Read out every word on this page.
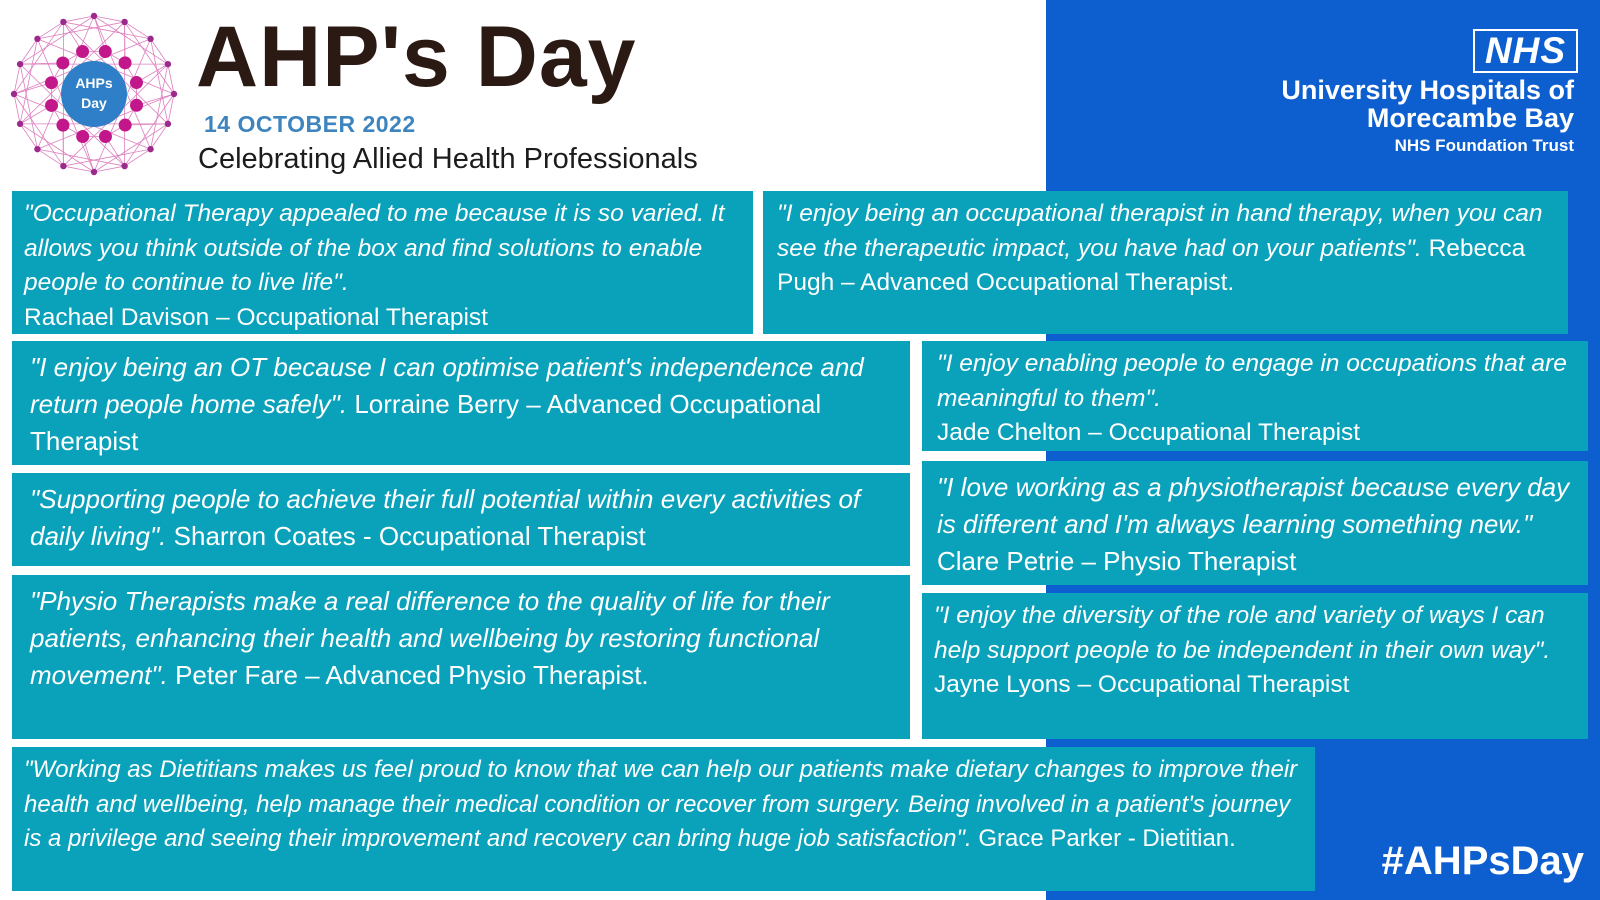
AHPs
Day AHP's Day
14 OCTOBER 2022
Celebrating Allied Health Professionals
NHS
University Hospitals of
Morecambe Bay
NHS Foundation Trust
"Occupational Therapy appealed to me because it is so varied. It allows you think outside of the box and find solutions to enable people to continue to live life".
Rachael Davison – Occupational Therapist
"I enjoy being an occupational therapist in hand therapy, when you can see the therapeutic impact, you have had on your patients". Rebecca Pugh – Advanced Occupational Therapist.
"I enjoy being an OT because I can optimise patient's independence and return people home safely". Lorraine Berry – Advanced Occupational Therapist
"I enjoy enabling people to engage in occupations that are meaningful to them".
Jade Chelton – Occupational Therapist
"Supporting people to achieve their full potential within every activities of daily living". Sharron Coates - Occupational Therapist
"I love working as a physiotherapist because every day is different and I'm always learning something new." Clare Petrie – Physio Therapist
"Physio Therapists make a real difference to the quality of life for their patients, enhancing their health and wellbeing by restoring functional movement". Peter Fare – Advanced Physio Therapist.
"I enjoy the diversity of the role and variety of ways I can help support people to be independent in their own way". Jayne Lyons – Occupational Therapist
"Working as Dietitians makes us feel proud to know that we can help our patients make dietary changes to improve their health and wellbeing, help manage their medical condition or recover from surgery. Being involved in a patient's journey is a privilege and seeing their improvement and recovery can bring huge job satisfaction". Grace Parker - Dietitian.
#AHPsDay
